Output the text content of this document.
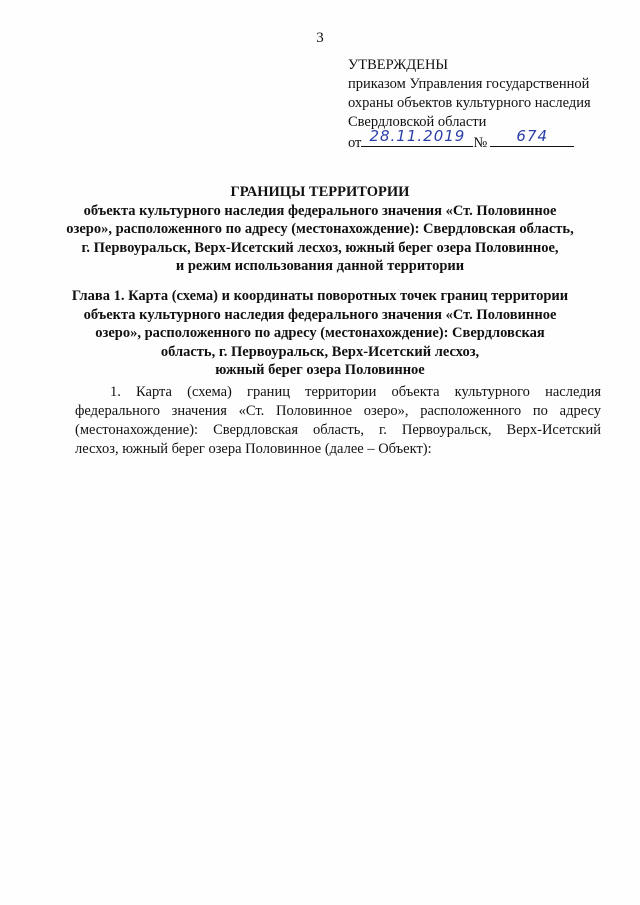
3
УТВЕРЖДЕНЫ
приказом Управления государственной
охраны объектов культурного наследия
Свердловской области
от 28.11.2019 №	674
ГРАНИЦЫ ТЕРРИТОРИИ
объекта культурного наследия федерального значения «Ст. Половинное
озеро», расположенного по адресу (местонахождение): Свердловская область,
г. Первоуральск, Верх-Исетский лесхоз, южный берег озера Половинное,
и режим использования данной территории
Глава 1. Карта (схема) и координаты поворотных точек границ территории
объекта культурного наследия федерального значения «Ст. Половинное
озеро», расположенного по адресу (местонахождение): Свердловская
область, г. Первоуральск, Верх-Исетский лесхоз,
южный берег озера Половинное
1. Карта (схема) границ территории объекта культурного наследия
федерального значения «Ст. Половинное озеро», расположенного по адресу
(местонахождение): Свердловская область, г. Первоуральск, Верх-Исетский
лесхоз, южный берег озера Половинное (далее – Объект):
